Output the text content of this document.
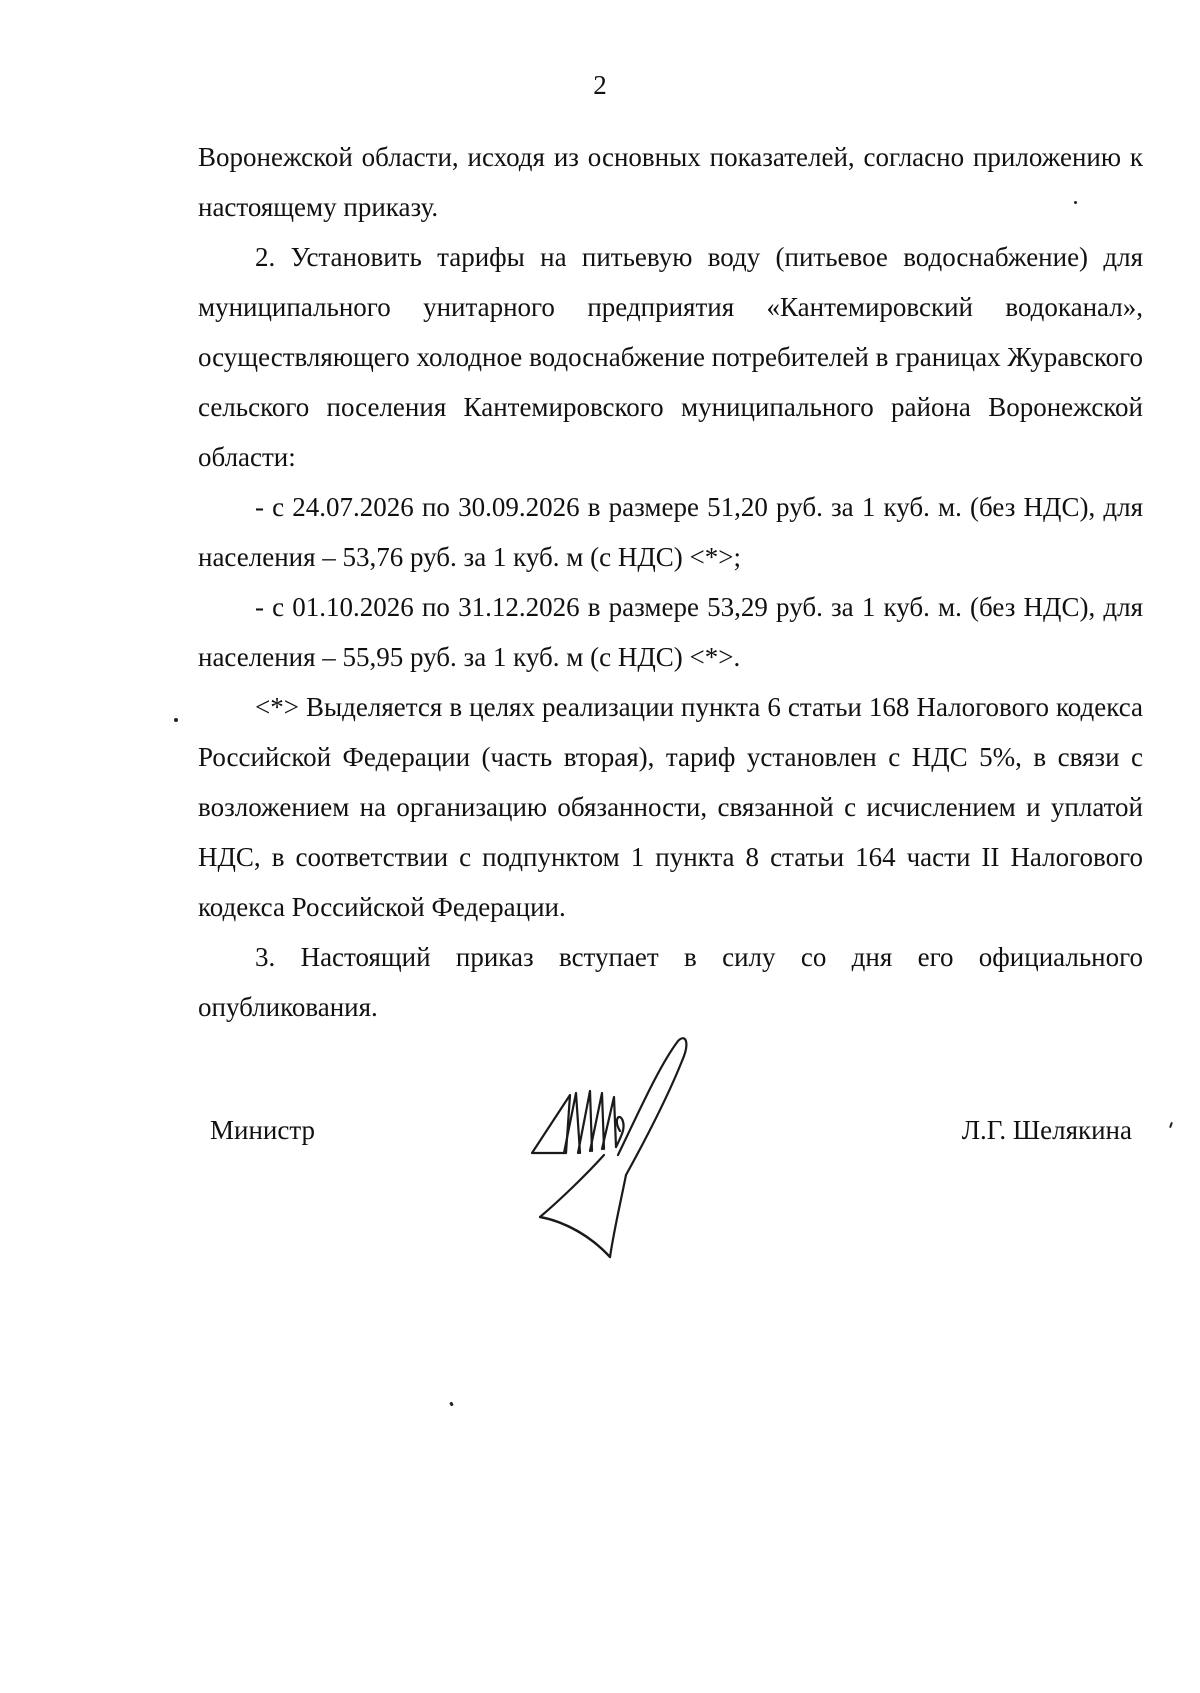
2

Воронежской области, исходя из основных показателей, согласно приложению к настоящему приказу.

2. Установить тарифы на питьевую воду (питьевое водоснабжение) для муниципального унитарного предприятия «Кантемировский водоканал», осуществляющего холодное водоснабжение потребителей в границах Журавского сельского поселения Кантемировского муниципального района Воронежской области:

- с 24.07.2026 по 30.09.2026 в размере 51,20 руб. за 1 куб. м. (без НДС), для населения – 53,76 руб. за 1 куб. м (с НДС) <*>;

- с 01.10.2026 по 31.12.2026 в размере 53,29 руб. за 1 куб. м. (без НДС), для населения – 55,95 руб. за 1 куб. м (с НДС) <*>.

<*> Выделяется в целях реализации пункта 6 статьи 168 Налогового кодекса Российской Федерации (часть вторая), тариф установлен с НДС 5%, в связи с возложением на организацию обязанности, связанной с исчислением и уплатой НДС, в соответствии с подпунктом 1 пункта 8 статьи 164 части II Налогового кодекса Российской Федерации.

3. Настоящий приказ вступает в силу со дня его официального опубликования.

Министр	Л.Г. Шелякина
